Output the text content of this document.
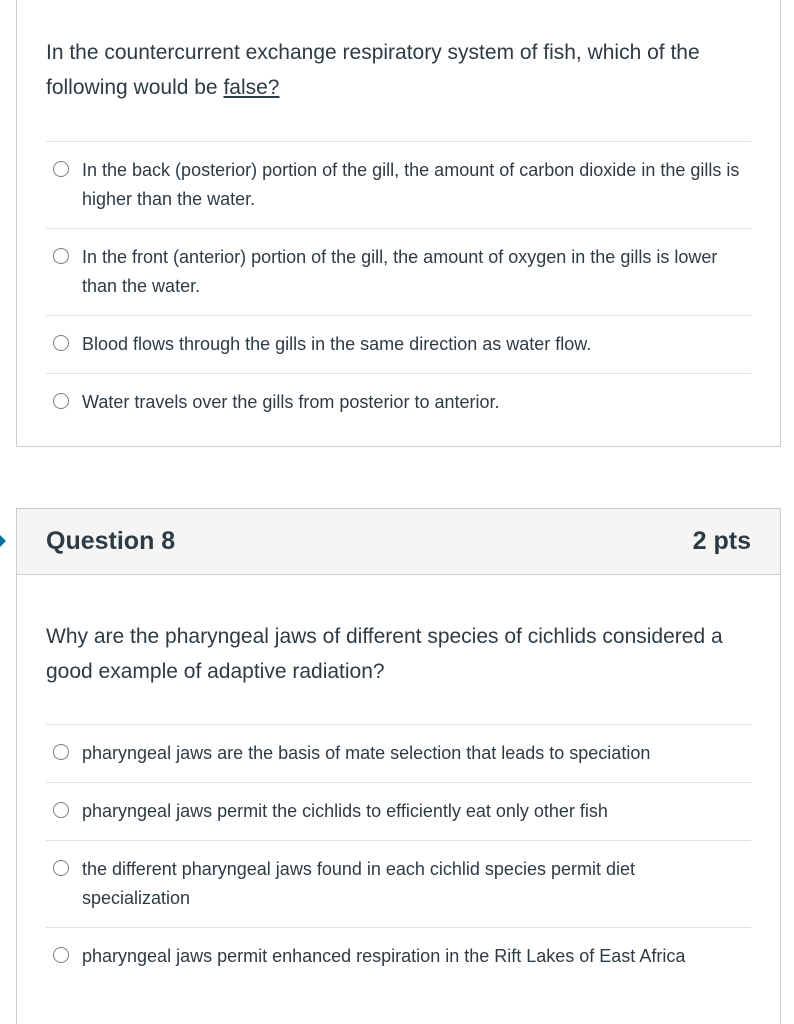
In the countercurrent exchange respiratory system of fish, which of the following would be false?
In the back (posterior) portion of the gill, the amount of carbon dioxide in the gills is higher than the water.
In the front (anterior) portion of the gill, the amount of oxygen in the gills is lower than the water.
Blood flows through the gills in the same direction as water flow.
Water travels over the gills from posterior to anterior.
Question 8	2 pts
Why are the pharyngeal jaws of different species of cichlids considered a good example of adaptive radiation?
pharyngeal jaws are the basis of mate selection that leads to speciation
pharyngeal jaws permit the cichlids to efficiently eat only other fish
the different pharyngeal jaws found in each cichlid species permit diet specialization
pharyngeal jaws permit enhanced respiration in the Rift Lakes of East Africa
